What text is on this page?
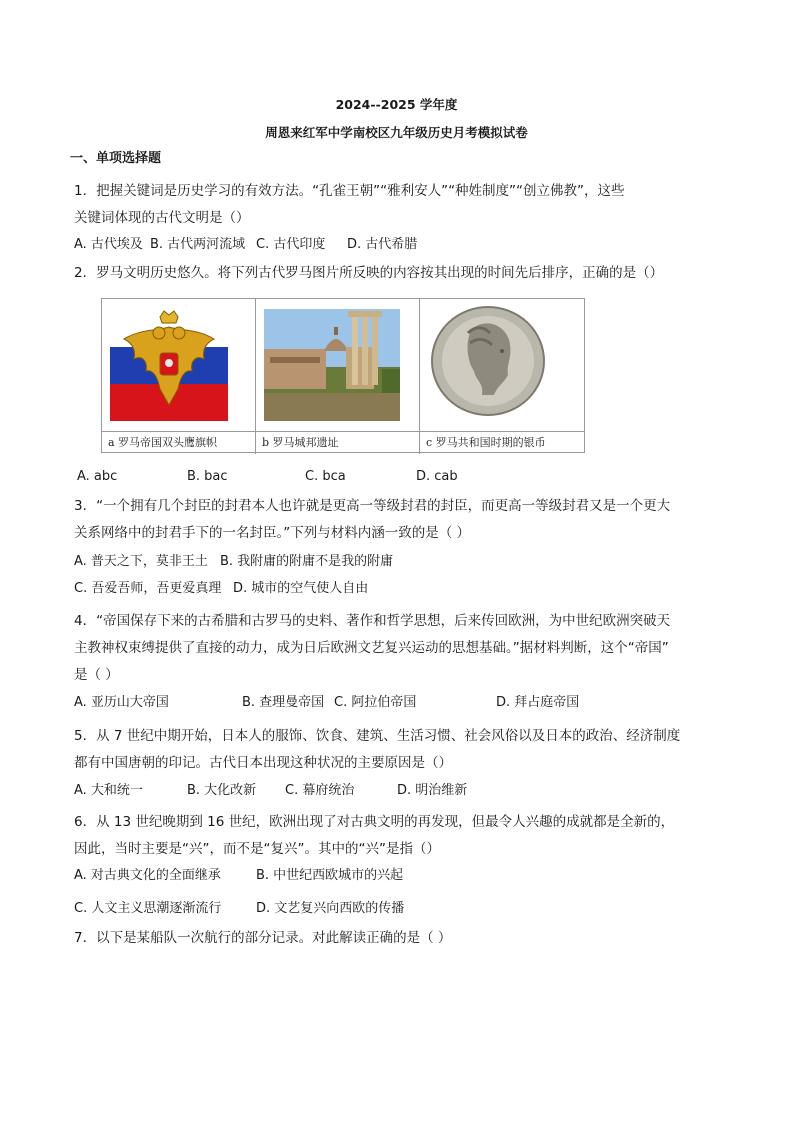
2024--2025 学年度
周恩来红军中学南校区九年级历史月考模拟试卷
一、单项选择题
1．把握关键词是历史学习的有效方法。“孔雀王朝”“雅利安人”“种姓制度”“创立佛教”，这些
关键词体现的古代文明是（）
A. 古代埃及 B. 古代两河流域 C. 古代印度 D. 古代希腊
2．罗马文明历史悠久。将下列古代罗马图片所反映的内容按其出现的时间先后排序，正确的是（）
a 罗马帝国双头鹰旗帜	b 罗马城邦遗址	c 罗马共和国时期的银币
A. abc	B. bac	C. bca	D. cab
3．“一个拥有几个封臣的封君本人也许就是更高一等级封君的封臣，而更高一等级封君又是一个更大
关系网络中的封君手下的一名封臣。”下列与材料内涵一致的是（ ）
A. 普天之下，莫非王土 B. 我附庸的附庸不是我的附庸
C. 吾爱吾师，吾更爱真理 D. 城市的空气使人自由
4．“帝国保存下来的古希腊和古罗马的史料、著作和哲学思想，后来传回欧洲，为中世纪欧洲突破天
主教神权束缚提供了直接的动力，成为日后欧洲文艺复兴运动的思想基础。”据材料判断，这个“帝国”
是（ ）
A. 亚历山大帝国	B. 查理曼帝国 C. 阿拉伯帝国	D. 拜占庭帝国
5．从 7 世纪中期开始，日本人的服饰、饮食、建筑、生活习惯、社会风俗以及日本的政治、经济制度
都有中国唐朝的印记。古代日本出现这种状况的主要原因是（）
A. 大和统一	B. 大化改新 C. 幕府统治	D. 明治维新
6．从 13 世纪晚期到 16 世纪，欧洲出现了对古典文明的再发现，但最令人兴趣的成就都是全新的，
因此，当时主要是“兴”，而不是“复兴”。其中的“兴”是指（）
A. 对古典文化的全面继承	B. 中世纪西欧城市的兴起
C. 人文主义思潮逐渐流行	D. 文艺复兴向西欧的传播
7．以下是某船队一次航行的部分记录。对此解读正确的是（ ）
